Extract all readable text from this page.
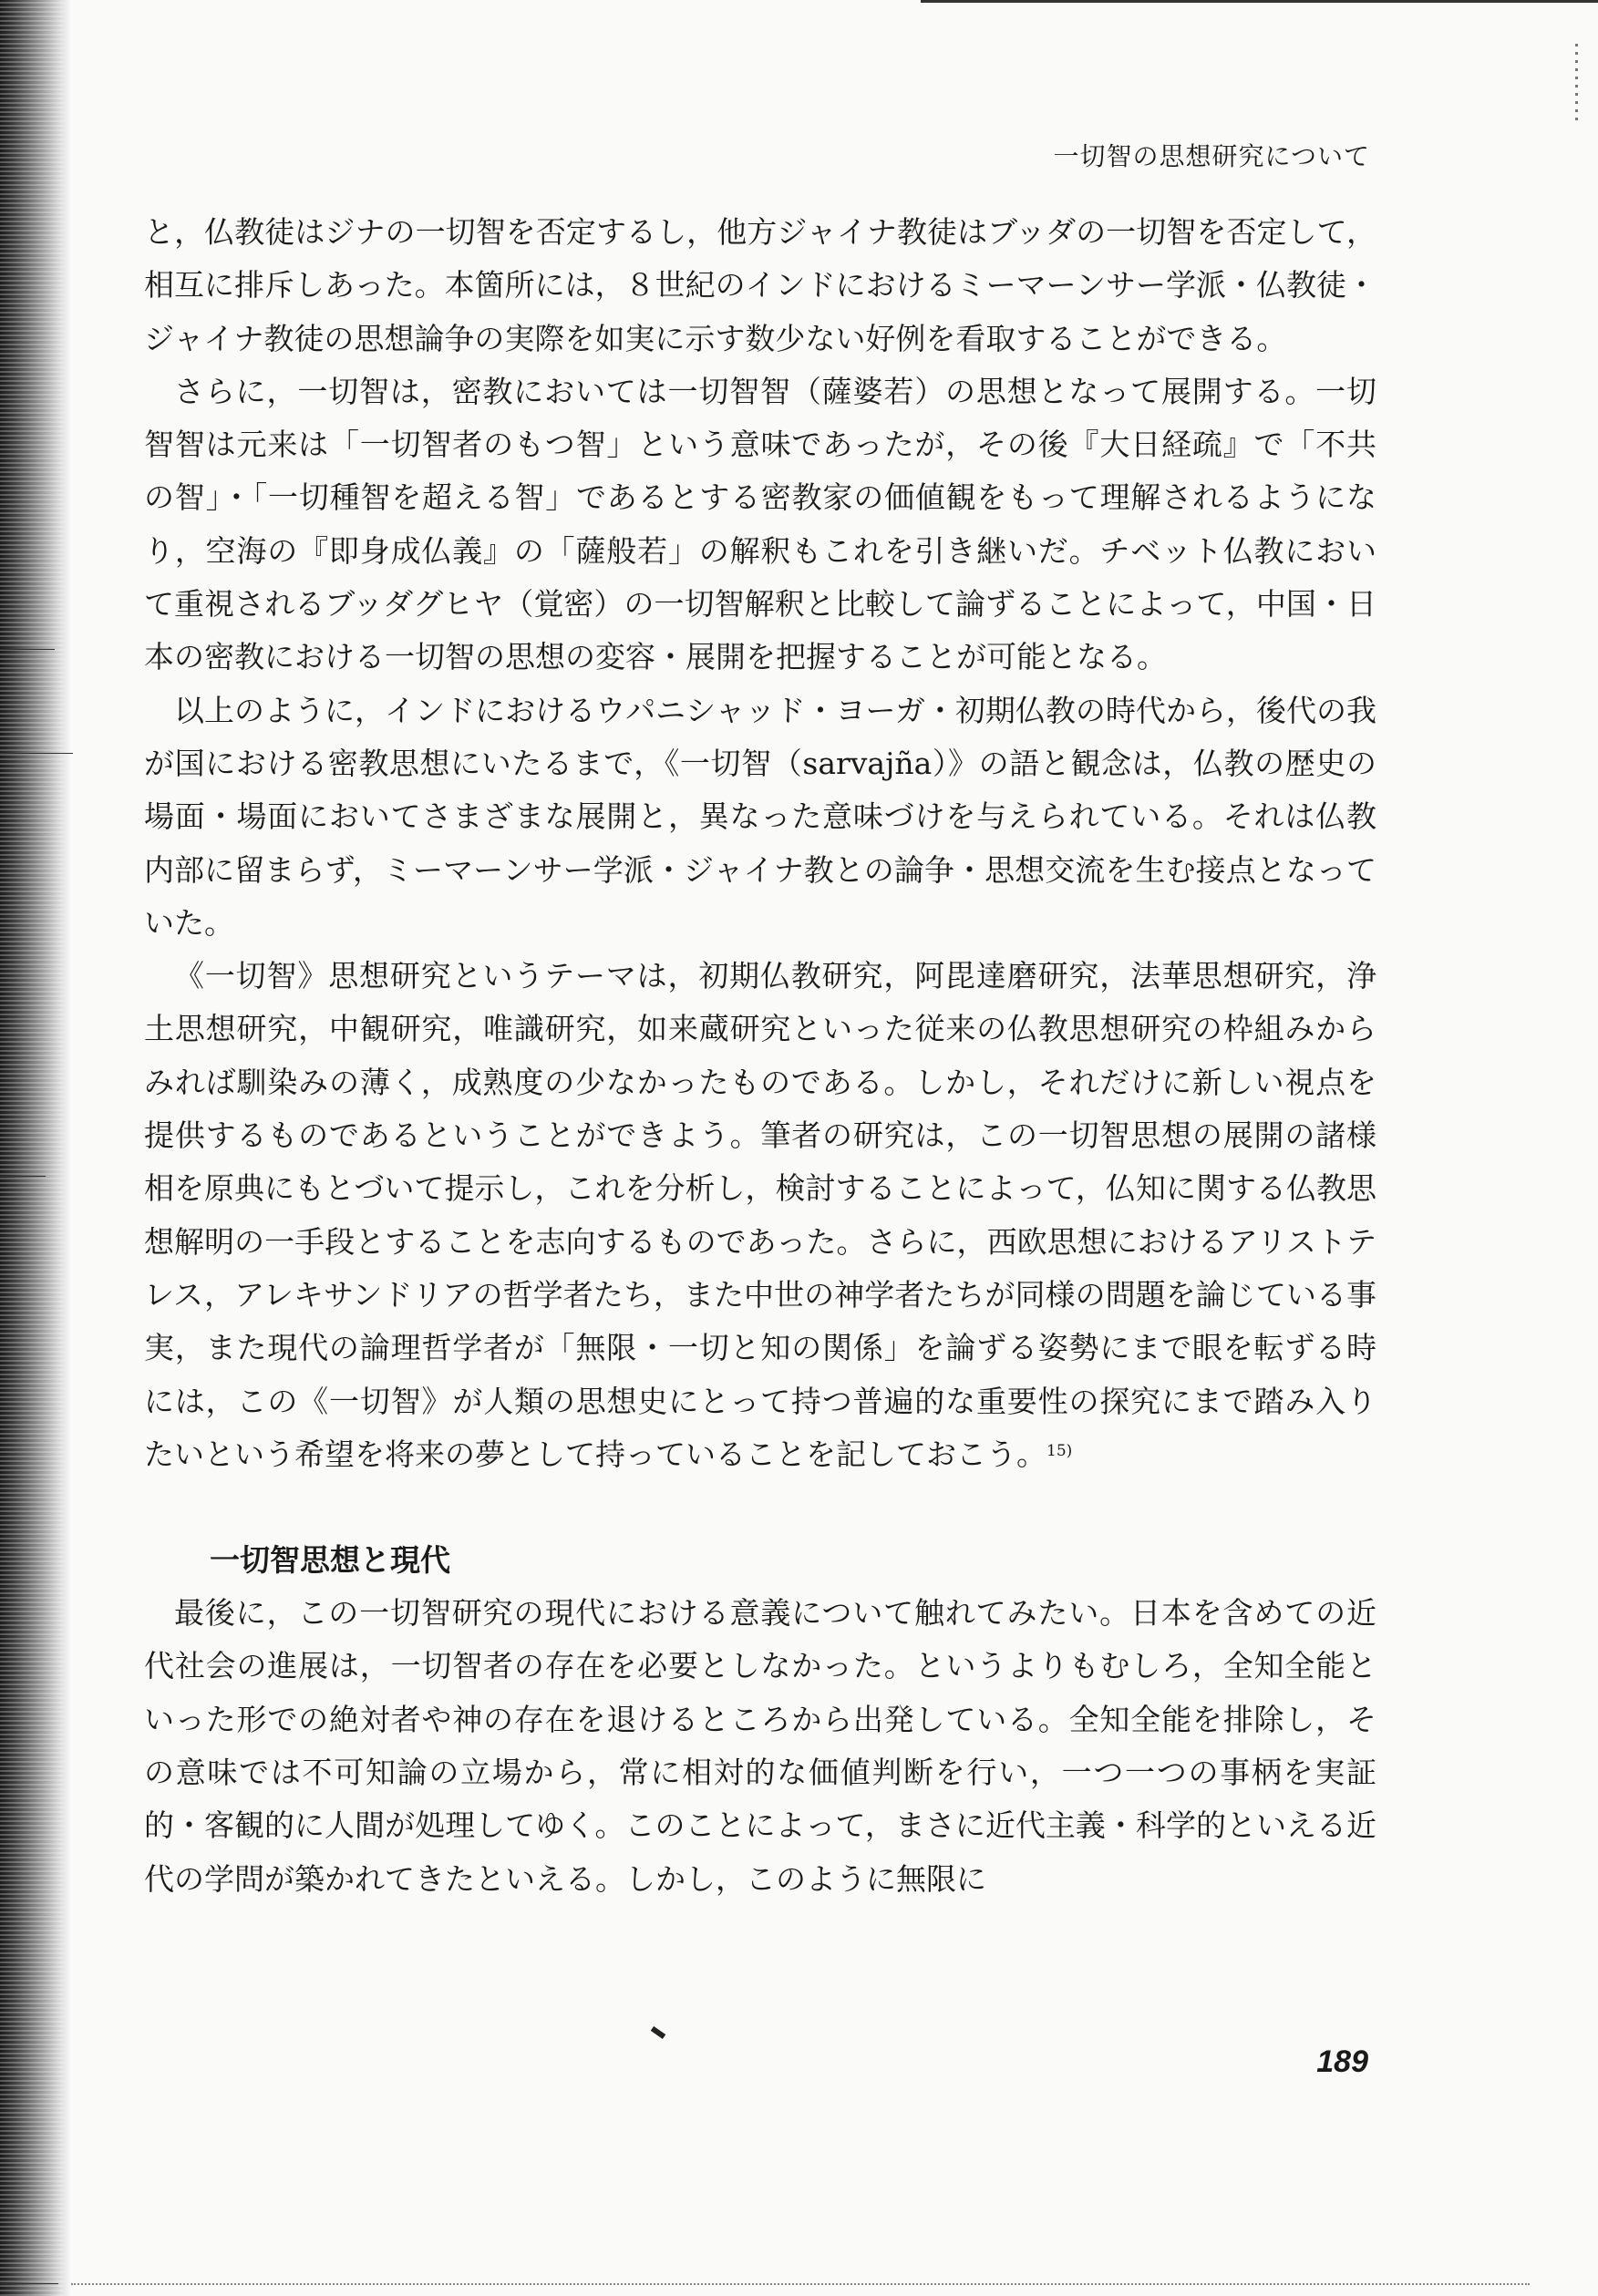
一切智の思想研究について

と，仏教徒はジナの一切智を否定するし，他方ジャイナ教徒はブッダの一切智を否定して，相互に排斥しあった。本箇所には，８世紀のインドにおけるミーマーンサー学派・仏教徒・ジャイナ教徒の思想論争の実際を如実に示す数少ない好例を看取することができる。

さらに，一切智は，密教においては一切智智（薩婆若）の思想となって展開する。一切智智は元来は「一切智者のもつ智」という意味であったが，その後『大日経疏』で「不共の智」・「一切種智を超える智」であるとする密教家の価値観をもって理解されるようになり，空海の『即身成仏義』の「薩般若」の解釈もこれを引き継いだ。チベット仏教において重視されるブッダグヒヤ（覚密）の一切智解釈と比較して論ずることによって，中国・日本の密教における一切智の思想の変容・展開を把握することが可能となる。

以上のように，インドにおけるウパニシャッド・ヨーガ・初期仏教の時代から，後代の我が国における密教思想にいたるまで，《一切智（sarvajña）》の語と観念は，仏教の歴史の場面・場面においてさまざまな展開と，異なった意味づけを与えられている。それは仏教内部に留まらず，ミーマーンサー学派・ジャイナ教との論争・思想交流を生む接点となっていた。

《一切智》思想研究というテーマは，初期仏教研究，阿毘達磨研究，法華思想研究，浄土思想研究，中観研究，唯識研究，如来蔵研究といった従来の仏教思想研究の枠組みからみれば馴染みの薄く，成熟度の少なかったものである。しかし，それだけに新しい視点を提供するものであるということができよう。筆者の研究は，この一切智思想の展開の諸様相を原典にもとづいて提示し，これを分析し，検討することによって，仏知に関する仏教思想解明の一手段とすることを志向するものであった。さらに，西欧思想におけるアリストテレス，アレキサンドリアの哲学者たち，また中世の神学者たちが同様の問題を論じている事実，また現代の論理哲学者が「無限・一切と知の関係」を論ずる姿勢にまで眼を転ずる時には，この《一切智》が人類の思想史にとって持つ普遍的な重要性の探究にまで踏み入りたいという希望を将来の夢として持っていることを記しておこう。$^{15)}$

一切智思想と現代

最後に，この一切智研究の現代における意義について触れてみたい。日本を含めての近代社会の進展は，一切智者の存在を必要としなかった。というよりもむしろ，全知全能といった形での絶対者や神の存在を退けるところから出発している。全知全能を排除し，その意味では不可知論の立場から，常に相対的な価値判断を行い，一つ一つの事柄を実証的・客観的に人間が処理してゆく。このことによって，まさに近代主義・科学的といえる近代の学問が築かれてきたといえる。しかし，このように無限に

189
